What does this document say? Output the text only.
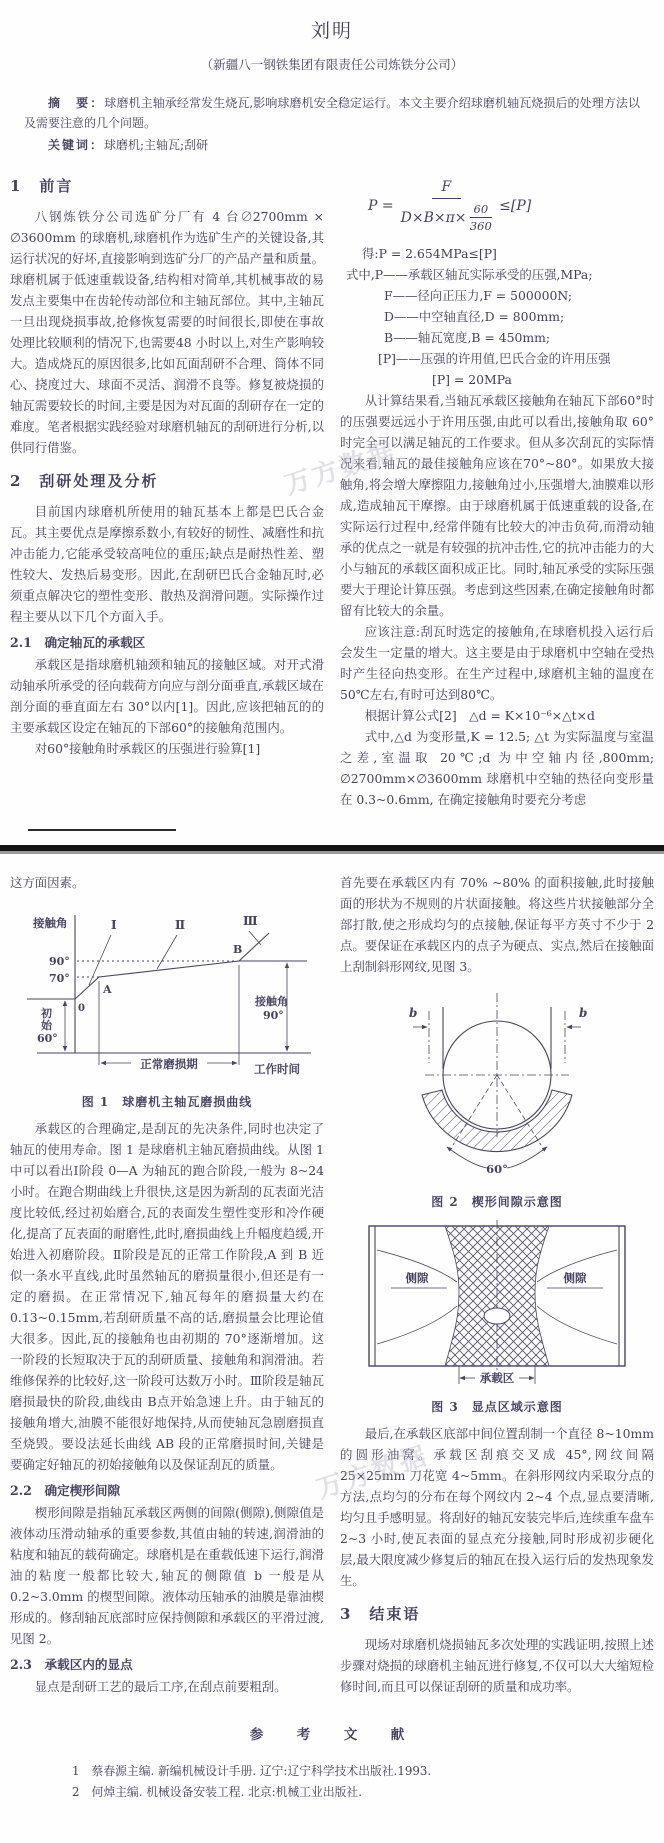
刘明
（新疆八一钢铁集团有限责任公司炼铁分公司）

摘　要：球磨机主轴承经常发生烧瓦,影响球磨机安全稳定运行。本文主要介绍球磨机轴瓦烧损后的处理方法以及需要注意的几个问题。

关键词：球磨机;主轴瓦;刮研

1　前言

八钢炼铁分公司选矿分厂有 4 台∅2700mm × ∅3600mm 的球磨机,球磨机作为选矿生产的关键设备,其运行状况的好坏,直接影响到选矿分厂的产品产量和质量。球磨机属于低速重载设备,结构相对简单,其机械事故的易发点主要集中在齿轮传动部位和主轴瓦部位。其中,主轴瓦一旦出现烧损事故,抢修恢复需要的时间很长,即使在事故处理比较顺利的情况下,也需要48 小时以上,对生产影响较大。造成烧瓦的原因很多,比如瓦面刮研不合理、筒体不同心、挠度过大、球面不灵活、润滑不良等。修复被烧损的轴瓦需要较长的时间,主要是因为对瓦面的刮研存在一定的难度。笔者根据实践经验对球磨机轴瓦的刮研进行分析,以供同行借鉴。

2　刮研处理及分析

目前国内球磨机所使用的轴瓦基本上都是巴氏合金瓦。其主要优点是摩擦系数小,有较好的韧性、减磨性和抗冲击能力,它能承受较高吨位的重压;缺点是耐热性差、塑性较大、发热后易变形。因此,在刮研巴氏合金轴瓦时,必须重点解决它的塑性变形、散热及润滑问题。实际操作过程主要从以下几个方面入手。

2.1　确定轴瓦的承载区

承载区是指球磨机轴颈和轴瓦的接触区域。对开式滑动轴承所承受的径向载荷方向应与剖分面垂直,承载区域在剖分面的垂直面左右 30°以内[1]。因此,应该把轴瓦的的主要承载区设定在轴瓦的下部60°的接触角范围内。

对60°接触角时承载区的压强进行验算[1]

$P = \frac{F}{D\times B\times\pi\times \frac{60}{360}} \le[P]$

得:P = 2.654MPa≤[P]

式中,P——承载区轴瓦实际承受的压强,MPa;

F——径向正压力,F = 500000N;

D——中空轴直径,D = 800mm;

B——轴瓦宽度,B = 450mm;

[P]——压强的许用值,巴氏合金的许用压强

[P] = 20MPa

从计算结果看,当轴瓦承载区接触角在轴瓦下部60°时的压强要远远小于许用压强,由此可以看出,接触角取 60°时完全可以满足轴瓦的工作要求。但从多次刮瓦的实际情况来看,轴瓦的最佳接触角应该在70°~80°。如果放大接触角,将会增大摩擦阻力,接触角过小,压强增大,油膜难以形成,造成轴瓦干摩擦。由于球磨机属于低速重载的设备,在实际运行过程中,经常伴随有比较大的冲击负荷,而滑动轴承的优点之一就是有较强的抗冲击性,它的抗冲击能力的大小与轴瓦的承载区面积成正比。同时,轴瓦承受的实际压强要大于理论计算压强。考虑到这些因素,在确定接触角时都留有比较大的余量。

应该注意:刮瓦时选定的接触角,在球磨机投入运行后会发生一定量的增大。这主要是由于球磨机中空轴在受热时产生径向热变形。在生产过程中,球磨机主轴的温度在50℃左右,有时可达到80℃。

根据计算公式[2]　△d = K×10⁻⁶×△t×d

式中,△d 为变形量,K = 12.5; △t 为实际温度与室温之差,室温取 20℃;d 为中空轴内径,800mm; ∅2700mm×∅3600mm 球磨机中空轴的热径向变形量在 0.3~0.6mm, 在确定接触角时要充分考虑

万方数据

这方面因素。

接触角
90°
70°
初
始
60°
0
A
B
Ⅰ	Ⅱ	Ⅲ
接触角
90°
正常磨损期	工作时间

图 1　球磨机主轴瓦磨损曲线

承载区的合理确定,是刮瓦的先决条件,同时也决定了轴瓦的使用寿命。图 1 是球磨机主轴瓦磨损曲线。从图 1 中可以看出Ⅰ阶段 0—A 为轴瓦的跑合阶段,一般为 8~24 小时。在跑合期曲线上升很快,这是因为新刮的瓦表面光洁度比较低,经过初始磨合,瓦的表面发生塑性变形和冷作硬化,提高了瓦表面的耐磨性,此时,磨损曲线上升幅度趋缓,开始进入初磨阶段。Ⅱ阶段是瓦的正常工作阶段,A 到 B 近似一条水平直线,此时虽然轴瓦的磨损量很小,但还是有一定的磨损。在正常情况下,轴瓦每年的磨损量大约在 0.13~0.15mm,若刮研质量不高的话,磨损量会比理论值大很多。因此,瓦的接触角也由初期的 70°逐渐增加。这一阶段的长短取决于瓦的刮研质量、接触角和润滑油。若维修保养的比较好,这一阶段可达数万小时。Ⅲ阶段是轴瓦磨损最快的阶段,曲线由 B点开始急速上升。由于轴瓦的接触角增大,油膜不能很好地保持,从而使轴瓦急剧磨损直至烧毁。要设法延长曲线 AB 段的正常磨损时间,关键是要确定好轴瓦的初始接触角以及保证刮瓦的质量。

2.2　确定楔形间隙

楔形间隙是指轴瓦承载区两侧的间隙(侧隙),侧隙值是液体动压滑动轴承的重要参数,其值由轴的转速,润滑油的粘度和轴瓦的载荷确定。球磨机是在重载低速下运行,润滑油的粘度一般都比较大,轴瓦的侧隙值 b 一般是从 0.2~3.0mm 的楔型间隙。液体动压轴承的油膜是靠油楔形成的。修刮轴瓦底部时应保持侧隙和承载区的平滑过渡,见图 2。

2.3　承载区内的显点

显点是刮研工艺的最后工序,在刮点前要粗刮。

首先要在承载区内有 70% ~80% 的面积接触,此时接触面的形状为不规则的片状面接触。将这些片状接触部分全部打散,使之形成均匀的点接触,保证每平方英寸不少于 2 点。要保证在承载区内的点子为硬点、实点,然后在接触面上刮制斜形网纹,见图 3。

b	b
60°

图 2　楔形间隙示意图

侧隙	侧隙
承载区

图 3　显点区域示意图

最后,在承载区底部中间位置刮制一个直径 8~10mm 的圆形油窝。承载区刮痕交叉成 45°,网纹间隔 25×25mm 刀花宽 4~5mm。在斜形网纹内采取分点的方法,点均匀的分布在每个网纹内 2~4 个点,显点要清晰,均匀且手感明显。将刮好的轴瓦安装完毕后,连续重车盘车 2~3 小时,使瓦表面的显点充分接触,同时形成初步硬化层,最大限度减少修复后的轴瓦在投入运行后的发热现象发生。

3　结束语

现场对球磨机烧损轴瓦多次处理的实践证明,按照上述步骤对烧损的球磨机主轴瓦进行修复,不仅可以大大缩短检修时间,而且可以保证刮研的质量和成功率。

参　考　文　献

1 蔡春源主编. 新编机械设计手册. 辽宁:辽宁科学技术出版社.1993.

2 何焯主编. 机械设备安装工程. 北京:机械工业出版社.

万方数据
